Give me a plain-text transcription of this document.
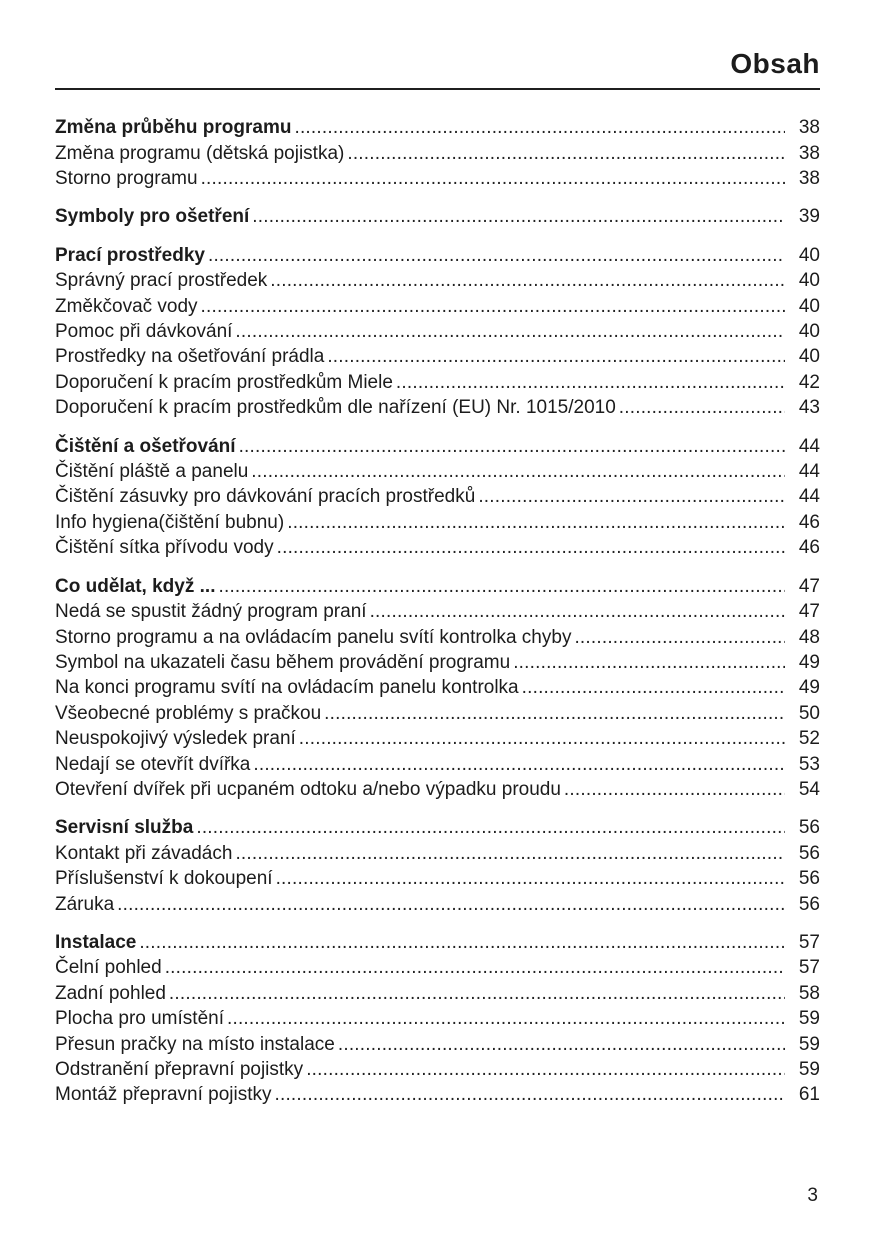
Obsah
Změna průběhu programu .....	38
Změna programu (dětská pojistka) .....	38
Storno programu .....	38
Symboly pro ošetření .....	39
Prací prostředky .....	40
Správný prací prostředek .....	40
Změkčovač vody .....	40
Pomoc při dávkování .....	40
Prostředky na ošetřování prádla .....	40
Doporučení k pracím prostředkům Miele .....	42
Doporučení k pracím prostředkům dle nařízení (EU) Nr. 1015/2010 .....	43
Čištění a ošetřování .....	44
Čištění pláště a panelu .....	44
Čištění zásuvky pro dávkování pracích prostředků .....	44
Info hygiena(čištění bubnu) .....	46
Čištění sítka přívodu vody .....	46
Co udělat, když ... .....	47
Nedá se spustit žádný program praní .....	47
Storno programu a na ovládacím panelu svítí kontrolka chyby .....	48
Symbol na ukazateli času během provádění programu .....	49
Na konci programu svítí na ovládacím panelu kontrolka .....	49
Všeobecné problémy s pračkou .....	50
Neuspokojivý výsledek praní .....	52
Nedají se otevřít dvířka .....	53
Otevření dvířek při ucpaném odtoku a/nebo výpadku proudu .....	54
Servisní služba .....	56
Kontakt při závadách .....	56
Příslušenství k dokoupení .....	56
Záruka .....	56
Instalace .....	57
Čelní pohled .....	57
Zadní pohled .....	58
Plocha pro umístění .....	59
Přesun pračky na místo instalace .....	59
Odstranění přepravní pojistky .....	59
Montáž přepravní pojistky .....	61
3
